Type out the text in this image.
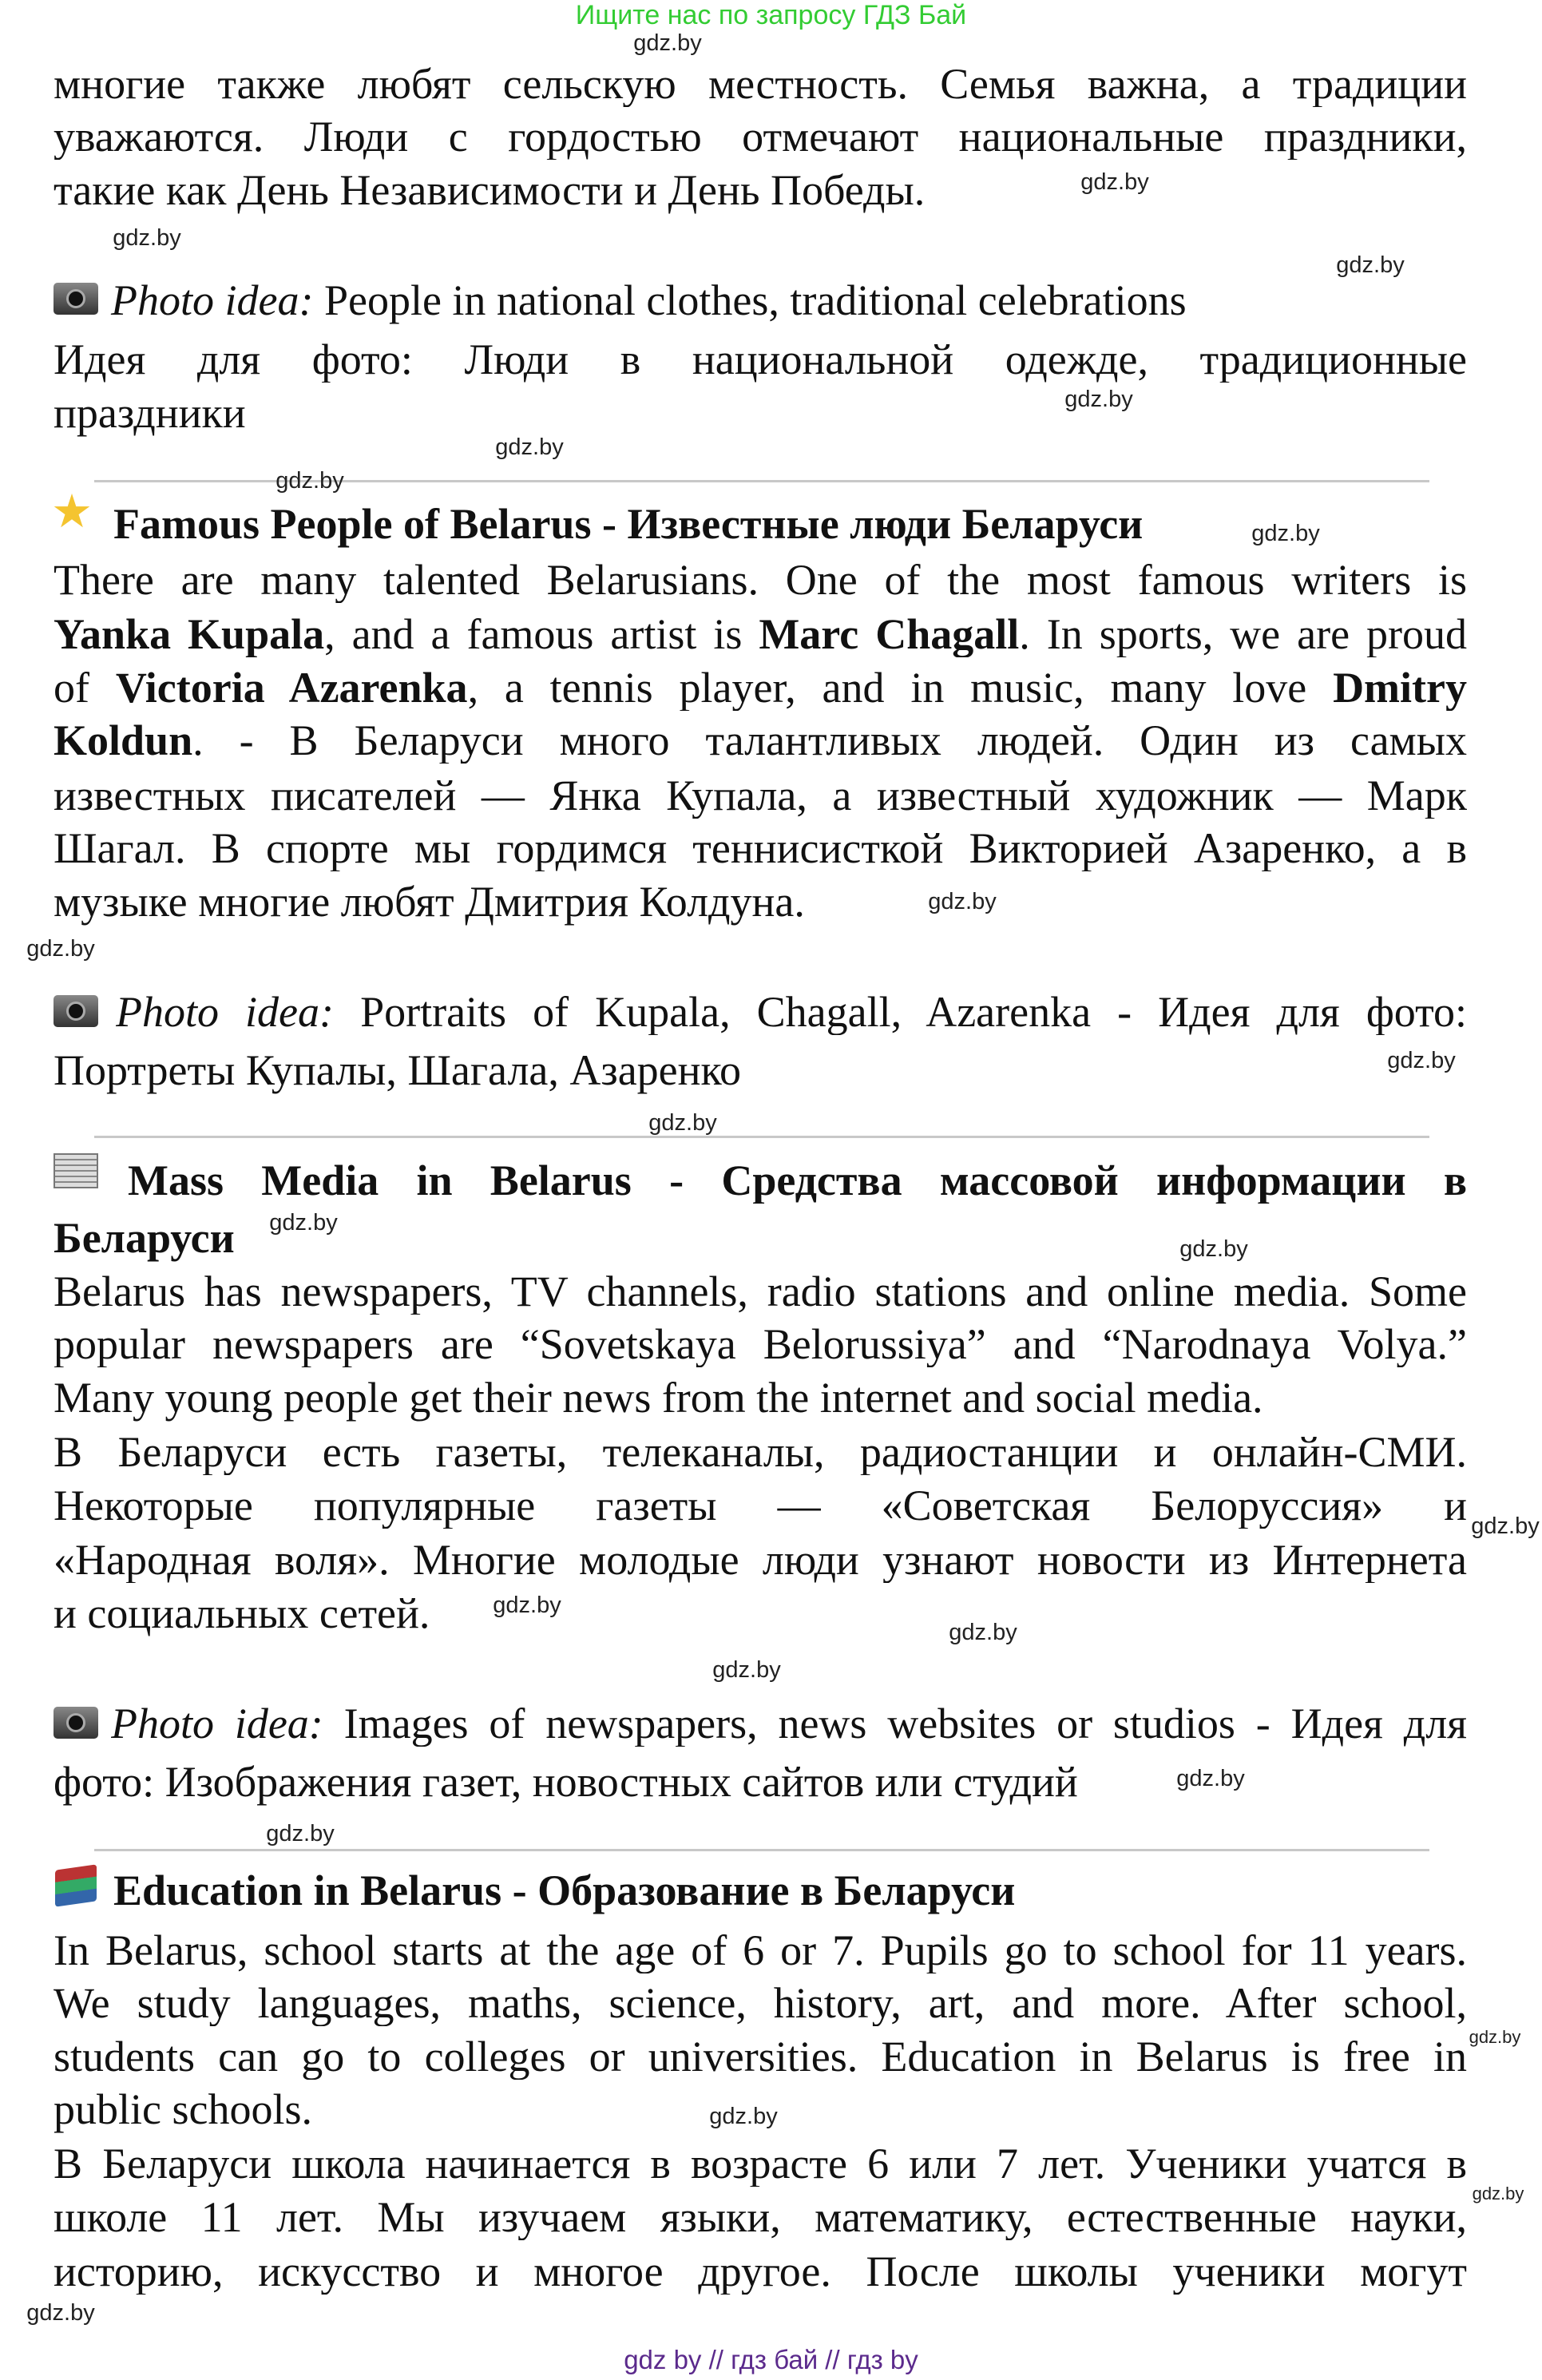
Ищите нас по запросу ГДЗ Бай
многие также любят сельскую местность. Семья важна, а традиции
уважаются. Люди с гордостью отмечают национальные праздники,
такие как День Независимости и День Победы.
Photo idea: People in national clothes, traditional celebrations
Идея для фото: Люди в национальной одежде, традиционные
праздники
★ Famous People of Belarus - Известные люди Беларуси
There are many talented Belarusians. One of the most famous writers is
Yanka Kupala, and a famous artist is Marc Chagall. In sports, we are proud
of Victoria Azarenka, a tennis player, and in music, many love Dmitry
Koldun. - В Беларуси много талантливых людей. Один из самых
известных писателей — Янка Купала, а известный художник — Марк
Шагал. В спорте мы гордимся теннисисткой Викторией Азаренко, а в
музыке многие любят Дмитрия Колдуна.
Photo idea: Portraits of Kupala, Chagall, Azarenka - Идея для фото:
Портреты Купалы, Шагала, Азаренко
Mass Media in Belarus - Средства массовой информации в
Беларуси
Belarus has newspapers, TV channels, radio stations and online media. Some
popular newspapers are “Sovetskaya Belorussiya” and “Narodnaya Volya.”
Many young people get their news from the internet and social media.
В Беларуси есть газеты, телеканалы, радиостанции и онлайн-СМИ.
Некоторые популярные газеты — «Советская Белоруссия» и
«Народная воля». Многие молодые люди узнают новости из Интернета
и социальных сетей.
Photo idea: Images of newspapers, news websites or studios - Идея для
фото: Изображения газет, новостных сайтов или студий
Education in Belarus - Образование в Беларуси
In Belarus, school starts at the age of 6 or 7. Pupils go to school for 11 years.
We study languages, maths, science, history, art, and more. After school,
students can go to colleges or universities. Education in Belarus is free in
public schools.
В Беларуси школа начинается в возрасте 6 или 7 лет. Ученики учатся в
школе 11 лет. Мы изучаем языки, математику, естественные науки,
историю, искусство и многое другое. После школы ученики могут
gdz.by
gdz.by
gdz.by
gdz.by
gdz.by
gdz.by
gdz.by
gdz.by
gdz.by
gdz.by
gdz.by
gdz.by
gdz.by
gdz.by
gdz.by
gdz.by
gdz.by
gdz.by
gdz.by
gdz.by
gdz.by
gdz.by
gdz.by
gdz.by
gdz by // гдз бай // гдз by
